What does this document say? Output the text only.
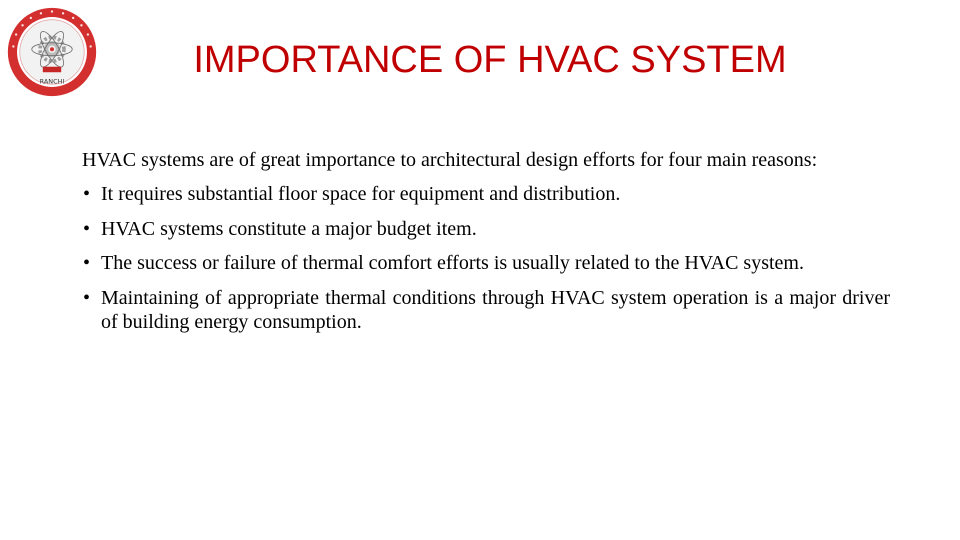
RANCHI
IMPORTANCE OF HVAC SYSTEM

HVAC systems are of great importance to architectural design efforts for four main reasons:

• It requires substantial floor space for equipment and distribution.
• HVAC systems constitute a major budget item.
• The success or failure of thermal comfort efforts is usually related to the HVAC system.
• Maintaining of appropriate thermal conditions through HVAC system operation is a major driver of building energy consumption.
